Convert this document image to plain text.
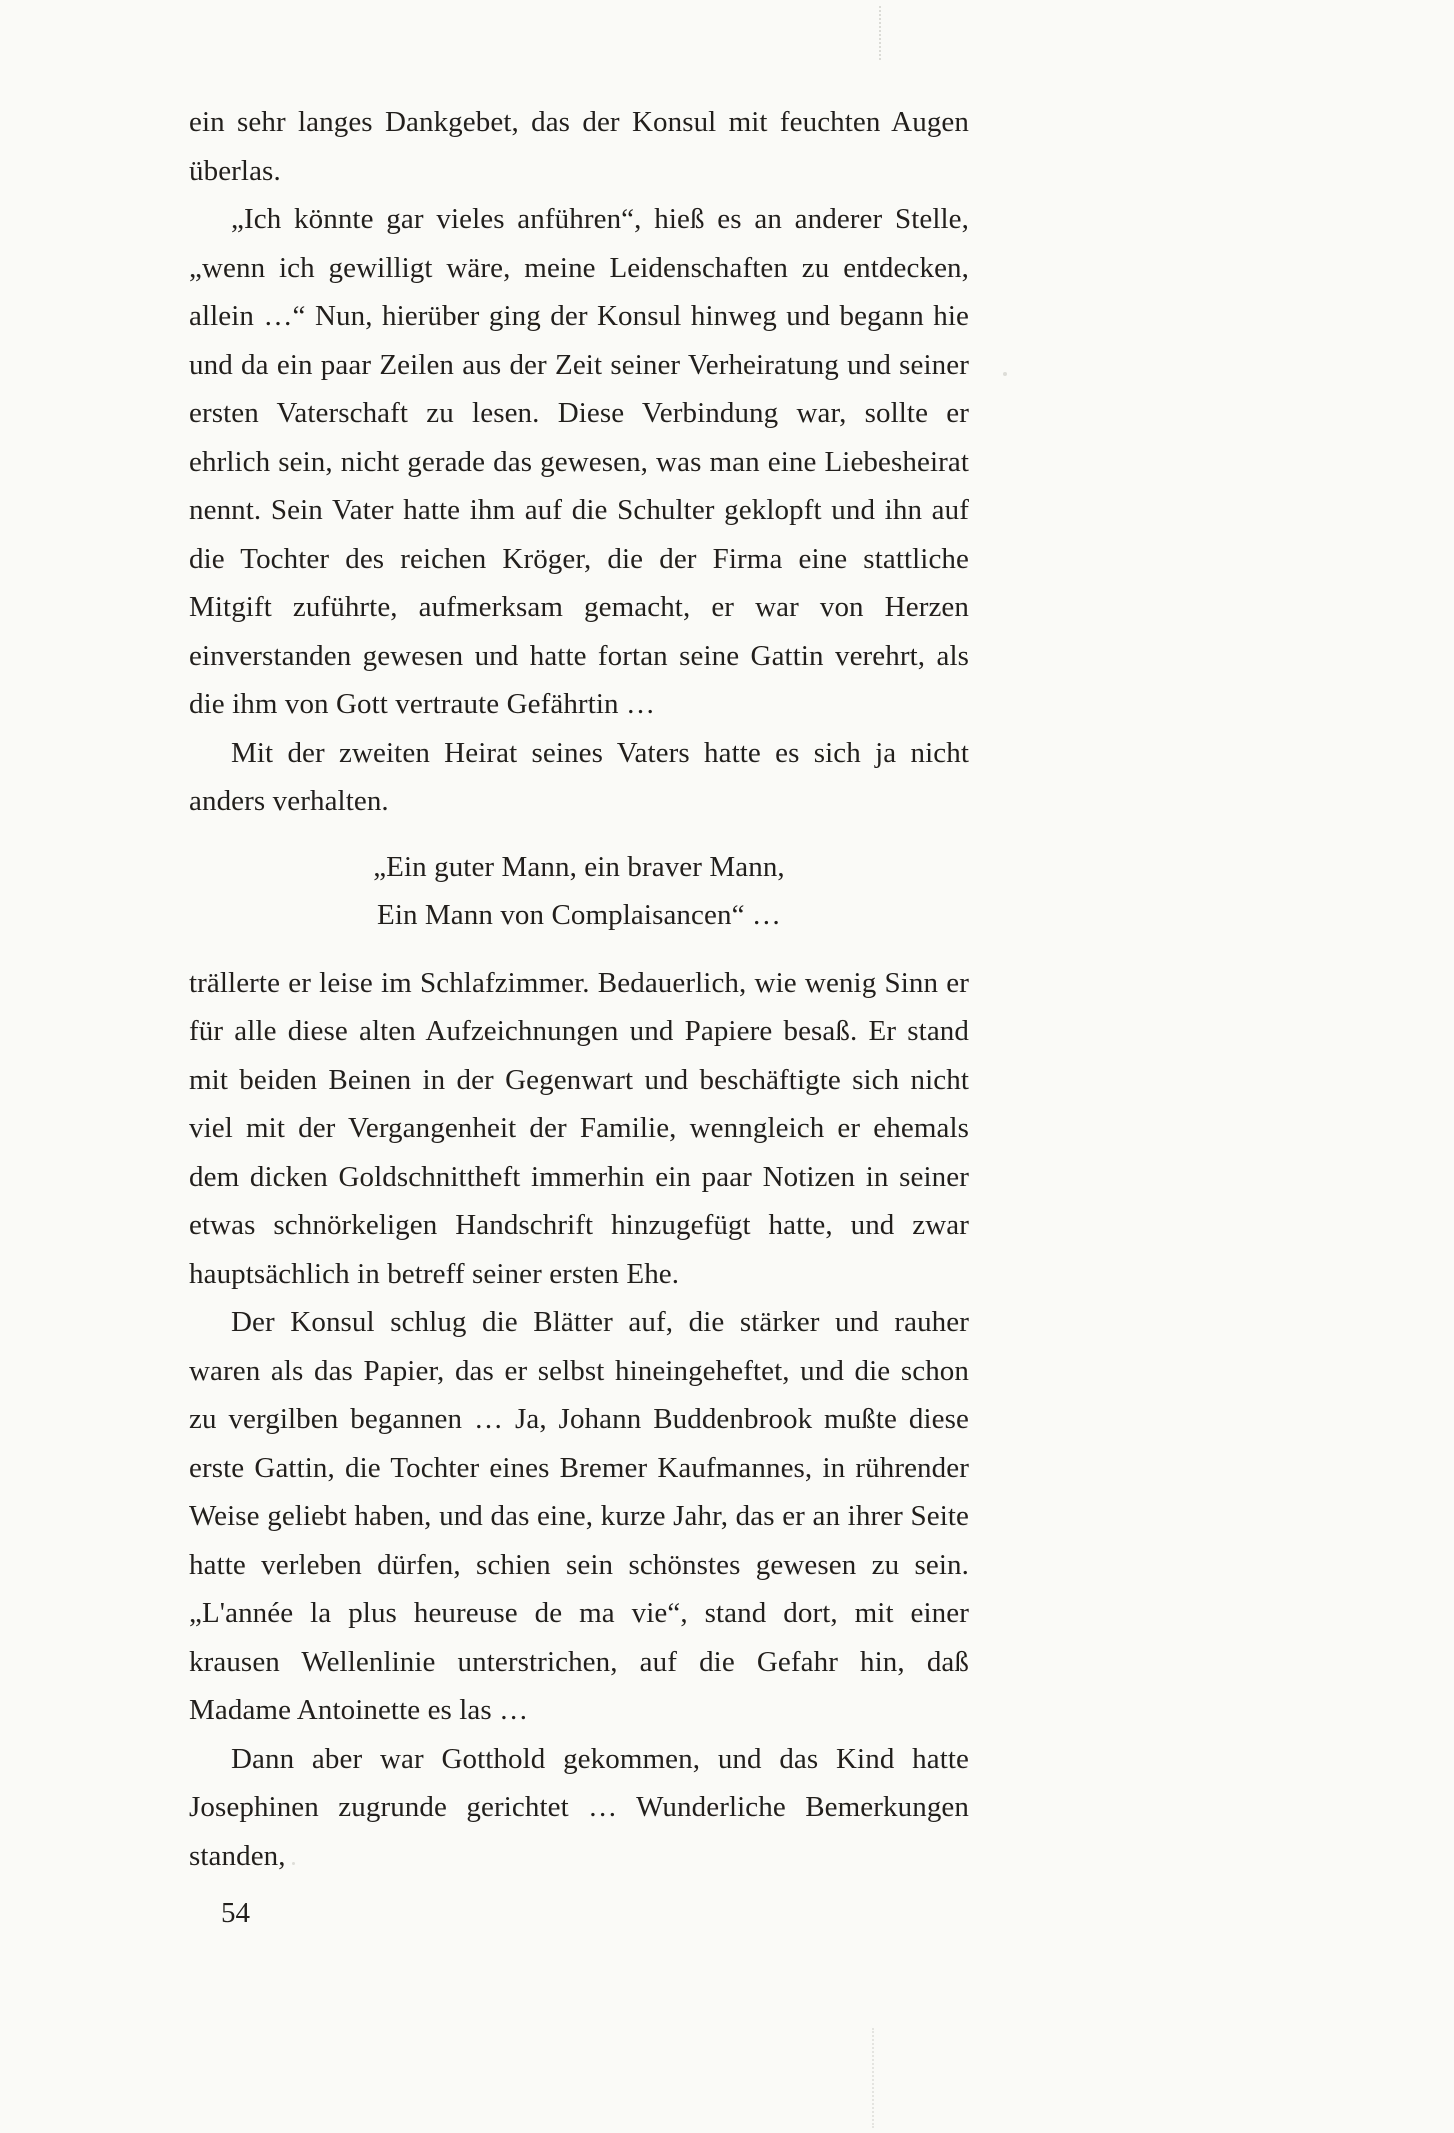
ein sehr langes Dankgebet, das der Konsul mit feuchten Augen überlas.

„Ich könnte gar vieles anführen“, hieß es an anderer Stelle, „wenn ich gewilligt wäre, meine Leidenschaften zu entdecken, allein …“ Nun, hierüber ging der Konsul hinweg und begann hie und da ein paar Zeilen aus der Zeit seiner Verheiratung und seiner ersten Vaterschaft zu lesen. Diese Verbindung war, sollte er ehrlich sein, nicht gerade das gewesen, was man eine Liebesheirat nennt. Sein Vater hatte ihm auf die Schulter geklopft und ihn auf die Tochter des reichen Kröger, die der Firma eine stattliche Mitgift zuführte, aufmerksam gemacht, er war von Herzen einverstanden gewesen und hatte fortan seine Gattin verehrt, als die ihm von Gott vertraute Gefährtin …

Mit der zweiten Heirat seines Vaters hatte es sich ja nicht anders verhalten.

„Ein guter Mann, ein braver Mann,
Ein Mann von Complaisancen“ …

trällerte er leise im Schlafzimmer. Bedauerlich, wie wenig Sinn er für alle diese alten Aufzeichnungen und Papiere besaß. Er stand mit beiden Beinen in der Gegenwart und beschäftigte sich nicht viel mit der Vergangenheit der Familie, wenngleich er ehemals dem dicken Goldschnittheft immerhin ein paar Notizen in seiner etwas schnörkeligen Handschrift hinzugefügt hatte, und zwar hauptsächlich in betreff seiner ersten Ehe.

Der Konsul schlug die Blätter auf, die stärker und rauher waren als das Papier, das er selbst hineingeheftet, und die schon zu vergilben begannen … Ja, Johann Buddenbrook mußte diese erste Gattin, die Tochter eines Bremer Kaufmannes, in rührender Weise geliebt haben, und das eine, kurze Jahr, das er an ihrer Seite hatte verleben dürfen, schien sein schönstes gewesen zu sein. „L'année la plus heureuse de ma vie“, stand dort, mit einer krausen Wellenlinie unterstrichen, auf die Gefahr hin, daß Madame Antoinette es las …

Dann aber war Gotthold gekommen, und das Kind hatte Josephinen zugrunde gerichtet … Wunderliche Bemerkungen standen,

54
